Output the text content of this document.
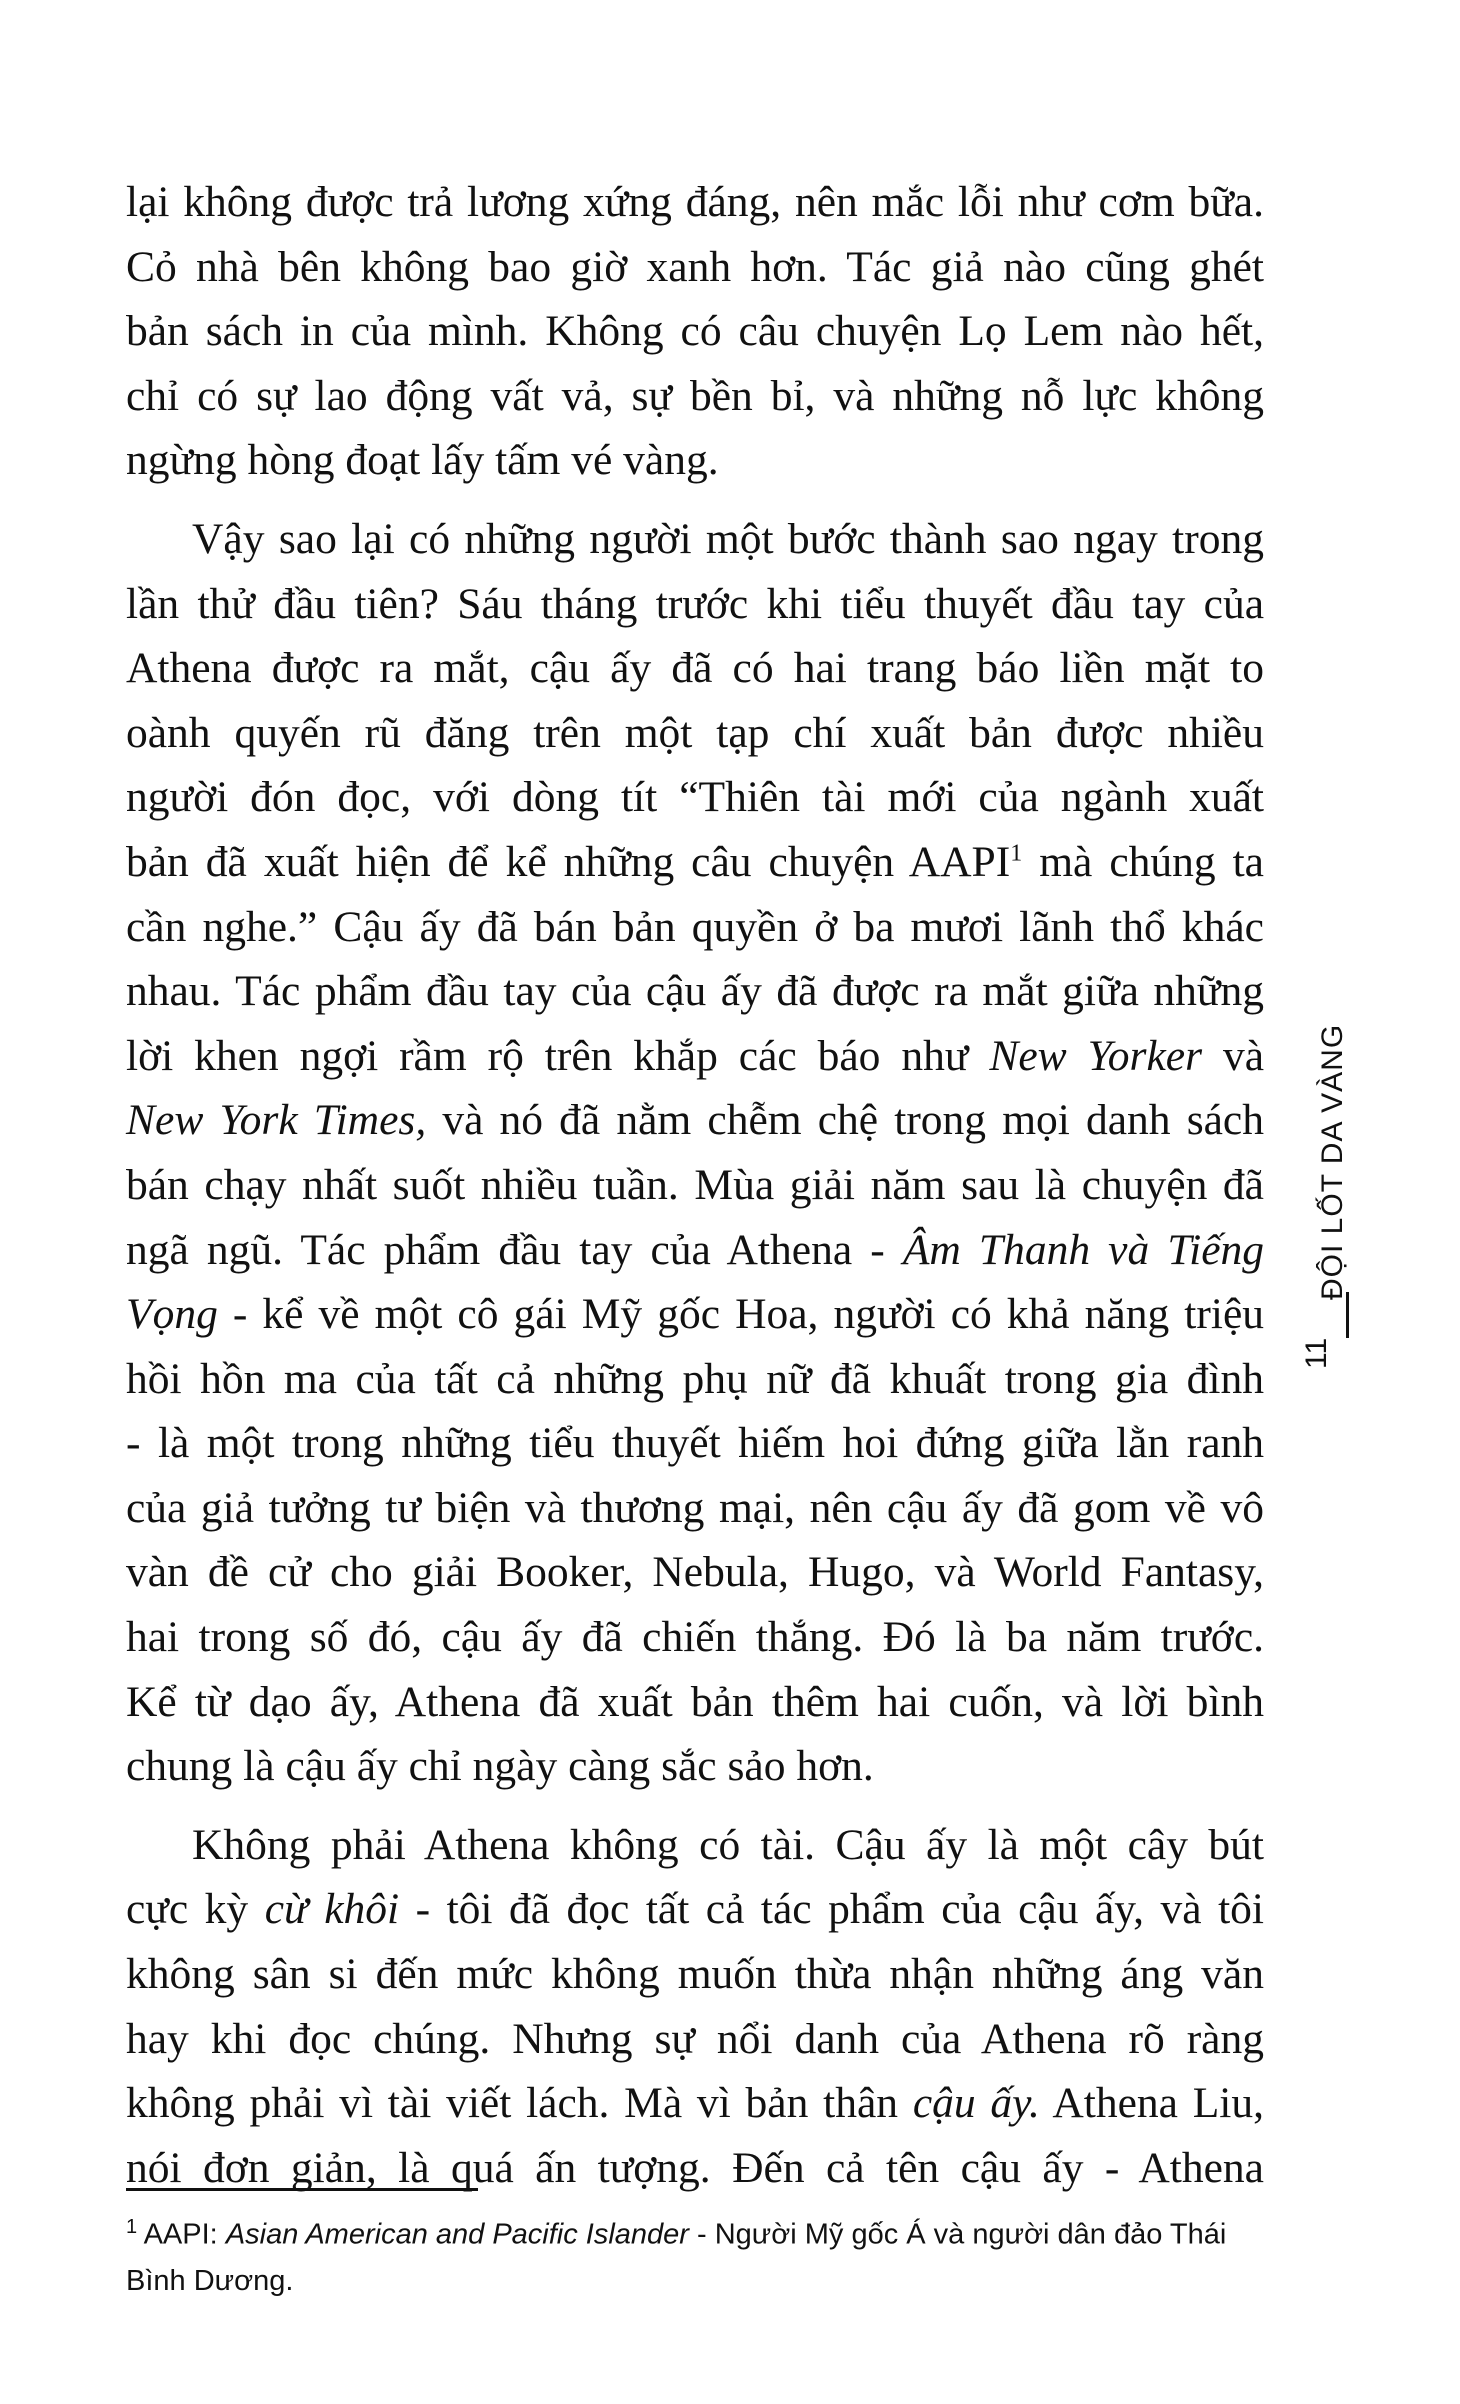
lại không được trả lương xứng đáng, nên mắc lỗi như cơm bữa.
Cỏ nhà bên không bao giờ xanh hơn. Tác giả nào cũng ghét
bản sách in của mình. Không có câu chuyện Lọ Lem nào hết,
chỉ có sự lao động vất vả, sự bền bỉ, và những nỗ lực không
ngừng hòng đoạt lấy tấm vé vàng.

Vậy sao lại có những người một bước thành sao ngay trong
lần thử đầu tiên? Sáu tháng trước khi tiểu thuyết đầu tay của
Athena được ra mắt, cậu ấy đã có hai trang báo liền mặt to
oành quyến rũ đăng trên một tạp chí xuất bản được nhiều
người đón đọc, với dòng tít “Thiên tài mới của ngành xuất
bản đã xuất hiện để kể những câu chuyện AAPI$^1$ mà chúng ta
cần nghe.” Cậu ấy đã bán bản quyền ở ba mươi lãnh thổ khác
nhau. Tác phẩm đầu tay của cậu ấy đã được ra mắt giữa những
lời khen ngợi rầm rộ trên khắp các báo như New Yorker và
New York Times, và nó đã nằm chễm chệ trong mọi danh sách
bán chạy nhất suốt nhiều tuần. Mùa giải năm sau là chuyện đã
ngã ngũ. Tác phẩm đầu tay của Athena - Âm Thanh và Tiếng
Vọng - kể về một cô gái Mỹ gốc Hoa, người có khả năng triệu
hồi hồn ma của tất cả những phụ nữ đã khuất trong gia đình
- là một trong những tiểu thuyết hiếm hoi đứng giữa lằn ranh
của giả tưởng tư biện và thương mại, nên cậu ấy đã gom về vô
vàn đề cử cho giải Booker, Nebula, Hugo, và World Fantasy,
hai trong số đó, cậu ấy đã chiến thắng. Đó là ba năm trước.
Kể từ dạo ấy, Athena đã xuất bản thêm hai cuốn, và lời bình
chung là cậu ấy chỉ ngày càng sắc sảo hơn.

Không phải Athena không có tài. Cậu ấy là một cây bút
cực kỳ cừ khôi - tôi đã đọc tất cả tác phẩm của cậu ấy, và tôi
không sân si đến mức không muốn thừa nhận những áng văn
hay khi đọc chúng. Nhưng sự nổi danh của Athena rõ ràng
không phải vì tài viết lách. Mà vì bản thân cậu ấy. Athena Liu,
nói đơn giản, là quá ấn tượng. Đến cả tên cậu ấy - Athena

$^1$ AAPI: Asian American and Pacific Islander - Người Mỹ gốc Á và người dân đảo Thái
Bình Dương.
ĐỘI LỐT DA VÀNG
11
